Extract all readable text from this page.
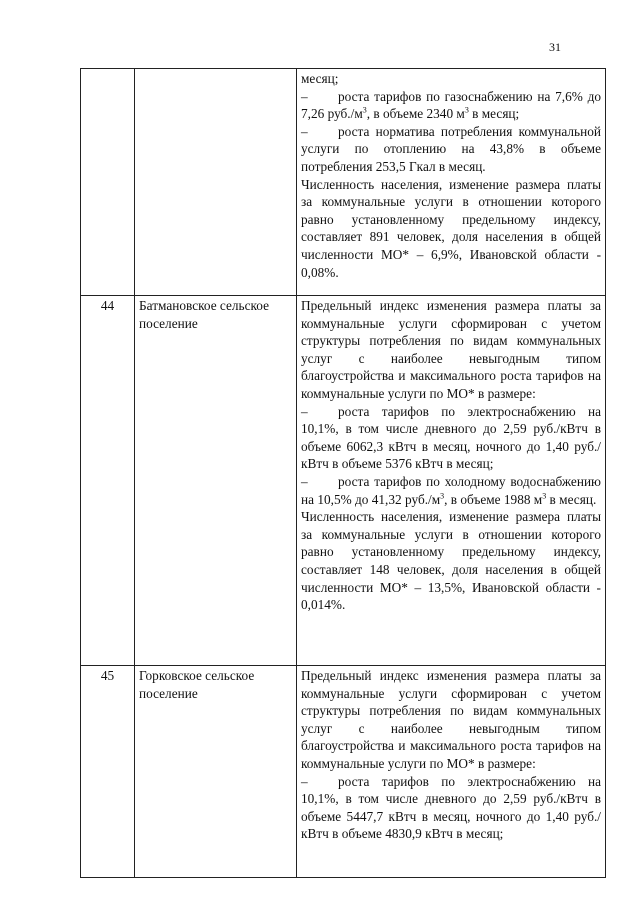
31

		месяц;
– роста тарифов по газоснабжению на 7,6% до 7,26 $руб./м^3$, в объеме 2340 $м^3$ в месяц;
– роста норматива потребления коммунальной услуги по отоплению на 43,8% в объеме потребления 253,5 Гкал в месяц.
Численность населения, изменение размера платы за коммунальные услуги в отношении которого равно установленному предельному индексу, составляет 891 человек, доля населения в общей численности МО* – 6,9%, Ивановской области - 0,08%.

44	Батмановское сельское поселение	Предельный индекс изменения размера платы за коммунальные услуги сформирован с учетом структуры потребления по видам коммунальных услуг с наиболее невыгодным типом благоустройства и максимального роста тарифов на коммунальные услуги по МО* в размере:
– роста тарифов по электроснабжению на 10,1%, в том числе дневного до 2,59 руб./кВтч в объеме 6062,3 кВтч в месяц, ночного до 1,40 руб./кВтч в объеме 5376 кВтч в месяц;
– роста тарифов по холодному водоснабжению на 10,5% до 41,32 $руб./м^3$, в объеме 1988 $м^3$ в месяц.
Численность населения, изменение размера платы за коммунальные услуги в отношении которого равно установленному предельному индексу, составляет 148 человек, доля населения в общей численности МО* – 13,5%, Ивановской области - 0,014%.

45	Горковское сельское поселение	Предельный индекс изменения размера платы за коммунальные услуги сформирован с учетом структуры потребления по видам коммунальных услуг с наиболее невыгодным типом благоустройства и максимального роста тарифов на коммунальные услуги по МО* в размере:
– роста тарифов по электроснабжению на 10,1%, в том числе дневного до 2,59 руб./кВтч в объеме 5447,7 кВтч в месяц, ночного до 1,40 руб./кВтч в объеме 4830,9 кВтч в месяц;
